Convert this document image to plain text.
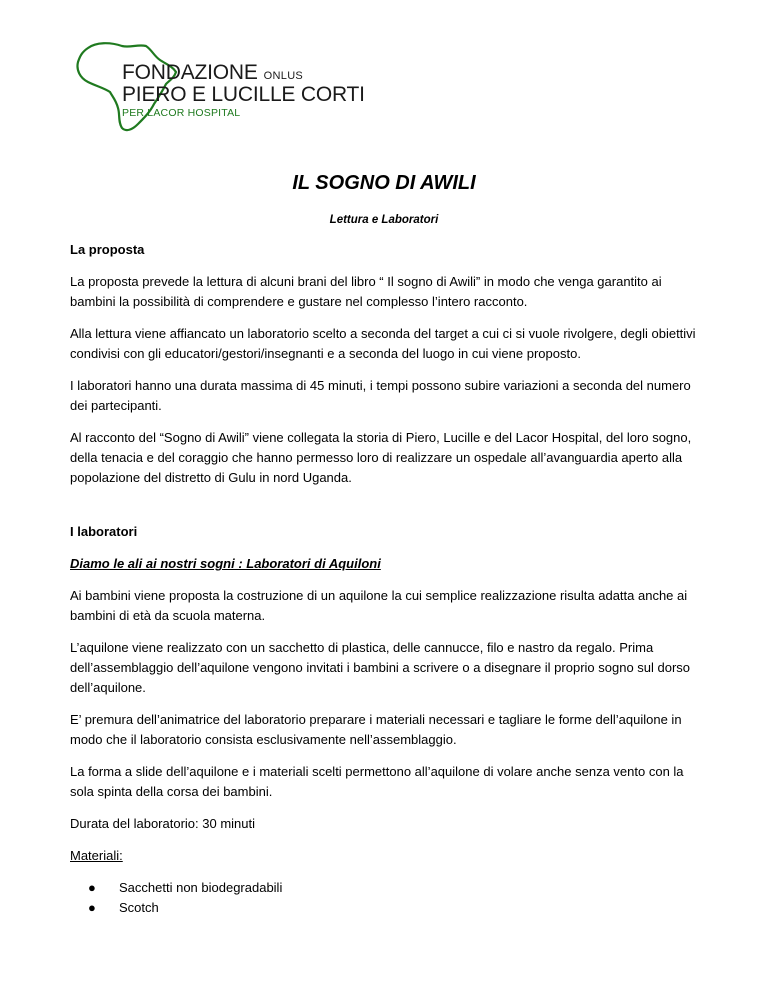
FONDAZIONE ONLUS
PIERO E LUCILLE CORTI
PER LACOR HOSPITAL
IL SOGNO DI AWILI
Lettura e Laboratori
La proposta

La proposta prevede la lettura di alcuni brani del libro “ Il sogno di Awili” in modo che venga garantito ai bambini la possibilità di comprendere e gustare nel complesso l’intero racconto.

Alla lettura viene affiancato un laboratorio scelto a seconda del target a cui ci si vuole rivolgere, degli obiettivi condivisi con gli educatori/gestori/insegnanti e a seconda del luogo in cui viene proposto.

I laboratori hanno una durata massima di 45 minuti, i tempi possono subire variazioni a seconda del numero dei partecipanti.

Al racconto del “Sogno di Awili” viene collegata la storia di Piero, Lucille e del Lacor Hospital, del loro sogno, della tenacia e del coraggio che hanno permesso loro di realizzare un ospedale all’avanguardia aperto alla popolazione del distretto di Gulu in nord Uganda.

I laboratori
Diamo le ali ai nostri sogni : Laboratori di Aquiloni

Ai bambini viene proposta la costruzione di un aquilone la cui semplice realizzazione risulta adatta anche ai bambini di età da scuola materna.

L’aquilone viene realizzato con un sacchetto di plastica, delle cannucce, filo e nastro da regalo. Prima dell’assemblaggio dell’aquilone vengono invitati i bambini a scrivere o a disegnare il proprio sogno sul dorso dell’aquilone.

E’ premura dell’animatrice del laboratorio preparare i materiali necessari e tagliare le forme dell’aquilone in modo che il laboratorio consista esclusivamente nell’assemblaggio.

La forma a slide dell’aquilone e i materiali scelti permettono all’aquilone di volare anche senza vento con la sola spinta della corsa dei bambini.

Durata del laboratorio: 30 minuti

Materiali:

● Sacchetti non biodegradabili
● Scotch
